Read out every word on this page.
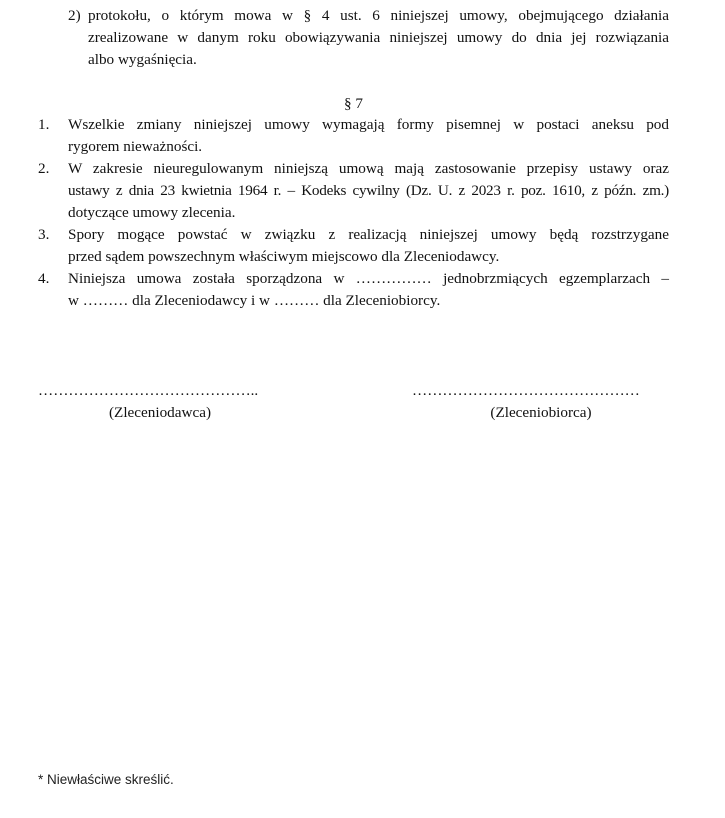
2) protokołu, o którym mowa w § 4 ust. 6 niniejszej umowy, obejmującego działania
zrealizowane w danym roku obowiązywania niniejszej umowy do dnia jej rozwiązania
albo wygaśnięcia.
§ 7
1. Wszelkie zmiany niniejszej umowy wymagają formy pisemnej w postaci aneksu pod
rygorem nieważności.
2. W zakresie nieuregulowanym niniejszą umową mają zastosowanie przepisy ustawy oraz
ustawy z dnia 23 kwietnia 1964 r. – Kodeks cywilny (Dz. U. z 2023 r. poz. 1610, z późn. zm.)
dotyczące umowy zlecenia.
3. Spory mogące powstać w związku z realizacją niniejszej umowy będą rozstrzygane
przed sądem powszechnym właściwym miejscowo dla Zleceniodawcy.
4. Niniejsza umowa została sporządzona w …………… jednobrzmiących egzemplarzach –
w ……… dla Zleceniodawcy i w ……… dla Zleceniobiorcy.
……………………………………..
(Zleceniodawca)
………………………………………
(Zleceniobiorca)
* Niewłaściwe skreślić.
